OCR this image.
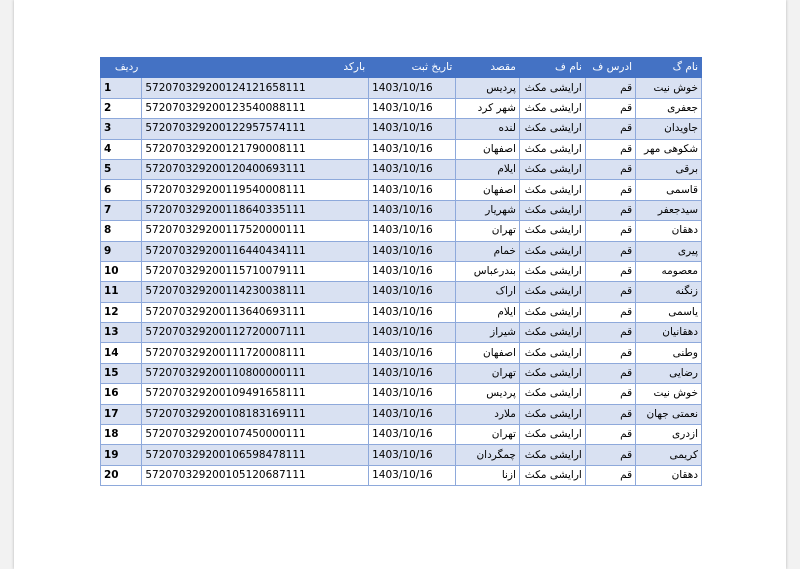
نام گ	ادرس ف	نام ف	مقصد	تاریخ ثبت	بارکد	ردیف
خوش نیت	قم	ارایشی مکث	پردیس	1403/10/16	572070329200124121658111	1
جعفری	قم	ارایشی مکث	شهر کرد	1403/10/16	572070329200123540088111	2
جاویدان	قم	ارایشی مکث	لنده	1403/10/16	572070329200122957574111	3
شکوهی مهر	قم	ارایشی مکث	اصفهان	1403/10/16	572070329200121790008111	4
برقی	قم	ارایشی مکث	ایلام	1403/10/16	572070329200120400693111	5
قاسمی	قم	ارایشی مکث	اصفهان	1403/10/16	572070329200119540008111	6
سیدجعفر	قم	ارایشی مکث	شهریار	1403/10/16	572070329200118640335111	7
دهقان	قم	ارایشی مکث	تهران	1403/10/16	572070329200117520000111	8
پیری	قم	ارایشی مکث	خمام	1403/10/16	572070329200116440434111	9
معصومه	قم	ارایشی مکث	بندرعباس	1403/10/16	572070329200115710079111	10
زنگنه	قم	ارایشی مکث	اراک	1403/10/16	572070329200114230038111	11
یاسمی	قم	ارایشی مکث	ایلام	1403/10/16	572070329200113640693111	12
دهقانیان	قم	ارایشی مکث	شیراز	1403/10/16	572070329200112720007111	13
وطنی	قم	ارایشی مکث	اصفهان	1403/10/16	572070329200111720008111	14
رضایی	قم	ارایشی مکث	تهران	1403/10/16	572070329200110800000111	15
خوش نیت	قم	ارایشی مکث	پردیس	1403/10/16	572070329200109491658111	16
نعمتی جهان	قم	ارایشی مکث	ملارد	1403/10/16	572070329200108183169111	17
ازدری	قم	ارایشی مکث	تهران	1403/10/16	572070329200107450000111	18
کریمی	قم	ارایشی مکث	چمگردان	1403/10/16	572070329200106598478111	19
دهقان	قم	ارایشی مکث	ازنا	1403/10/16	572070329200105120687111	20
